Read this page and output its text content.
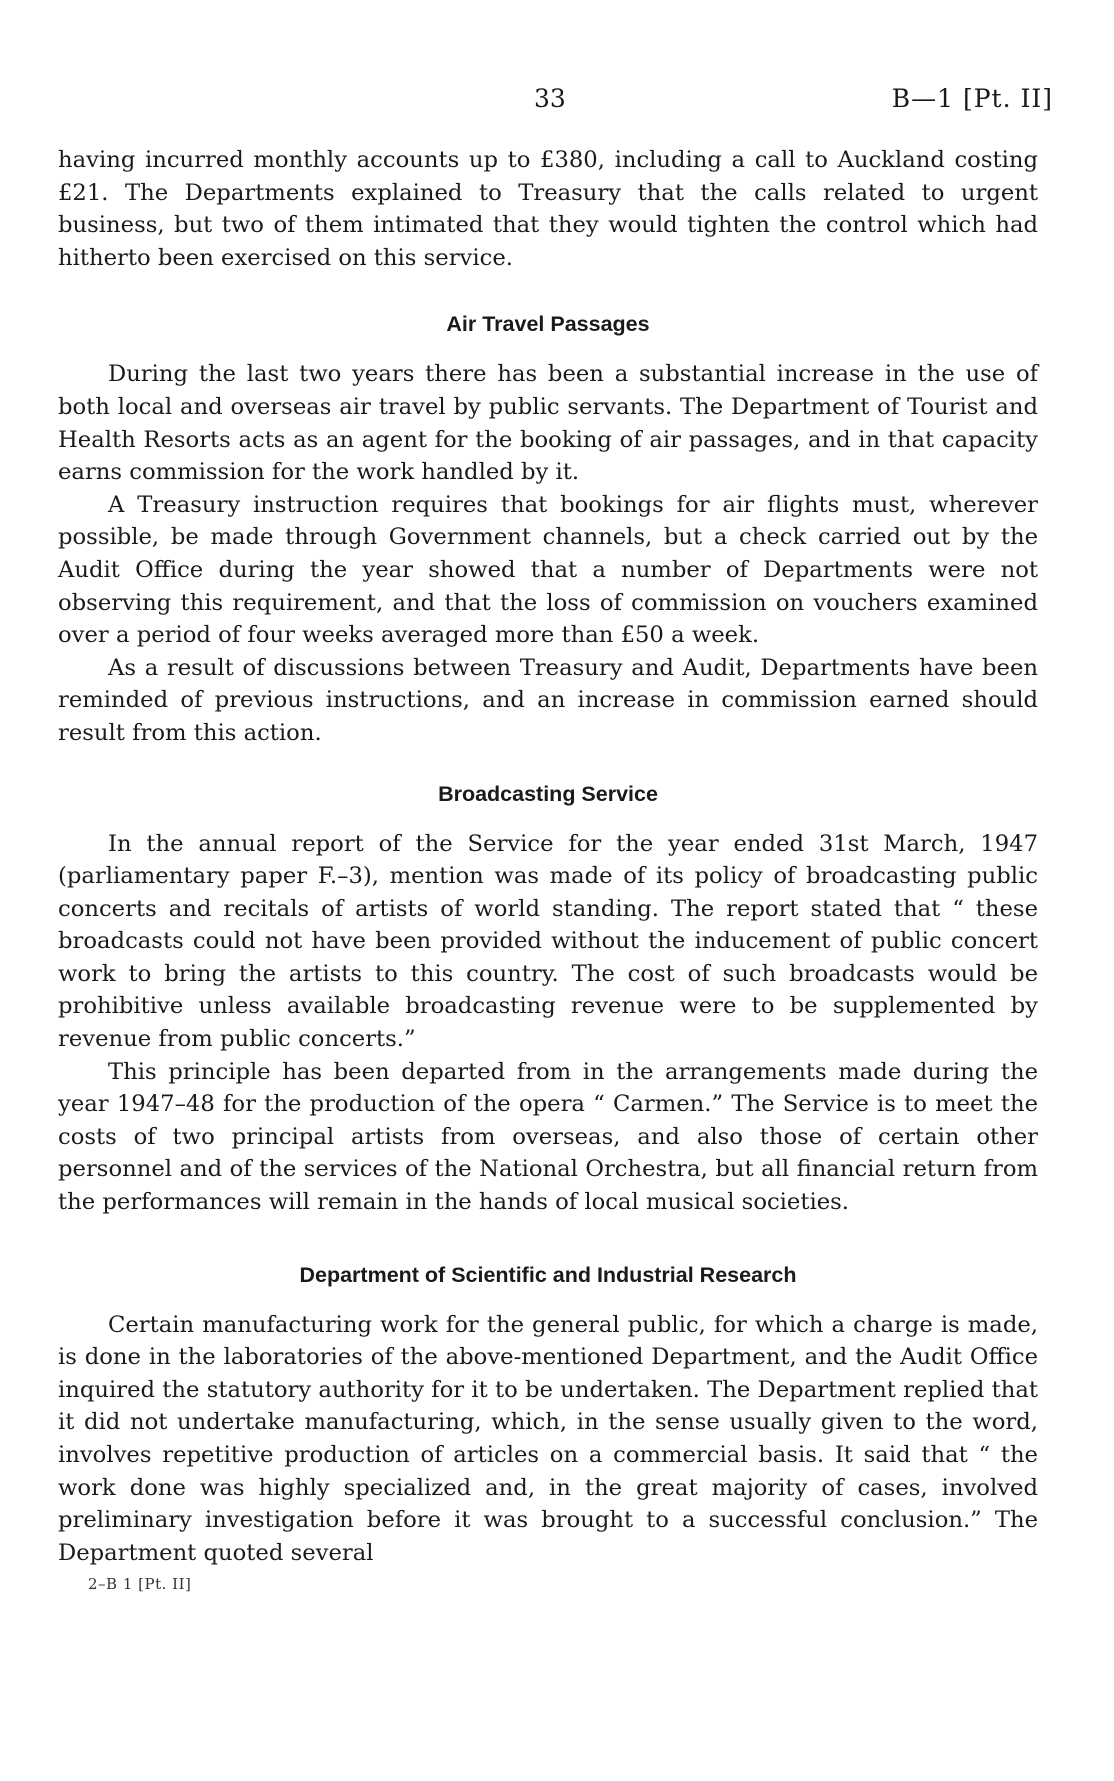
33	B—1 [Pt. II]

having incurred monthly accounts up to £380, including a call to Auckland costing £21. The Departments explained to Treasury that the calls related to urgent business, but two of them intimated that they would tighten the control which had hitherto been exercised on this service.

Air Travel Passages

During the last two years there has been a substantial increase in the use of both local and overseas air travel by public servants. The Department of Tourist and Health Resorts acts as an agent for the booking of air passages, and in that capacity earns commission for the work handled by it.

A Treasury instruction requires that bookings for air flights must, wherever possible, be made through Government channels, but a check carried out by the Audit Office during the year showed that a number of Departments were not observing this requirement, and that the loss of commission on vouchers examined over a period of four weeks averaged more than £50 a week.

As a result of discussions between Treasury and Audit, Departments have been reminded of previous instructions, and an increase in commission earned should result from this action.

Broadcasting Service

In the annual report of the Service for the year ended 31st March, 1947 (parliamentary paper F.–3), mention was made of its policy of broadcasting public concerts and recitals of artists of world standing. The report stated that “ these broadcasts could not have been provided without the inducement of public concert work to bring the artists to this country. The cost of such broadcasts would be prohibitive unless available broadcasting revenue were to be supplemented by revenue from public concerts.”

This principle has been departed from in the arrangements made during the year 1947–48 for the production of the opera “ Carmen.” The Service is to meet the costs of two principal artists from overseas, and also those of certain other personnel and of the services of the National Orchestra, but all financial return from the performances will remain in the hands of local musical societies.

Department of Scientific and Industrial Research

Certain manufacturing work for the general public, for which a charge is made, is done in the laboratories of the above-mentioned Department, and the Audit Office inquired the statutory authority for it to be undertaken. The Department replied that it did not undertake manufacturing, which, in the sense usually given to the word, involves repetitive production of articles on a commercial basis. It said that “ the work done was highly specialized and, in the great majority of cases, involved preliminary investigation before it was brought to a successful conclusion.” The Department quoted several

2–B 1 [Pt. II]
